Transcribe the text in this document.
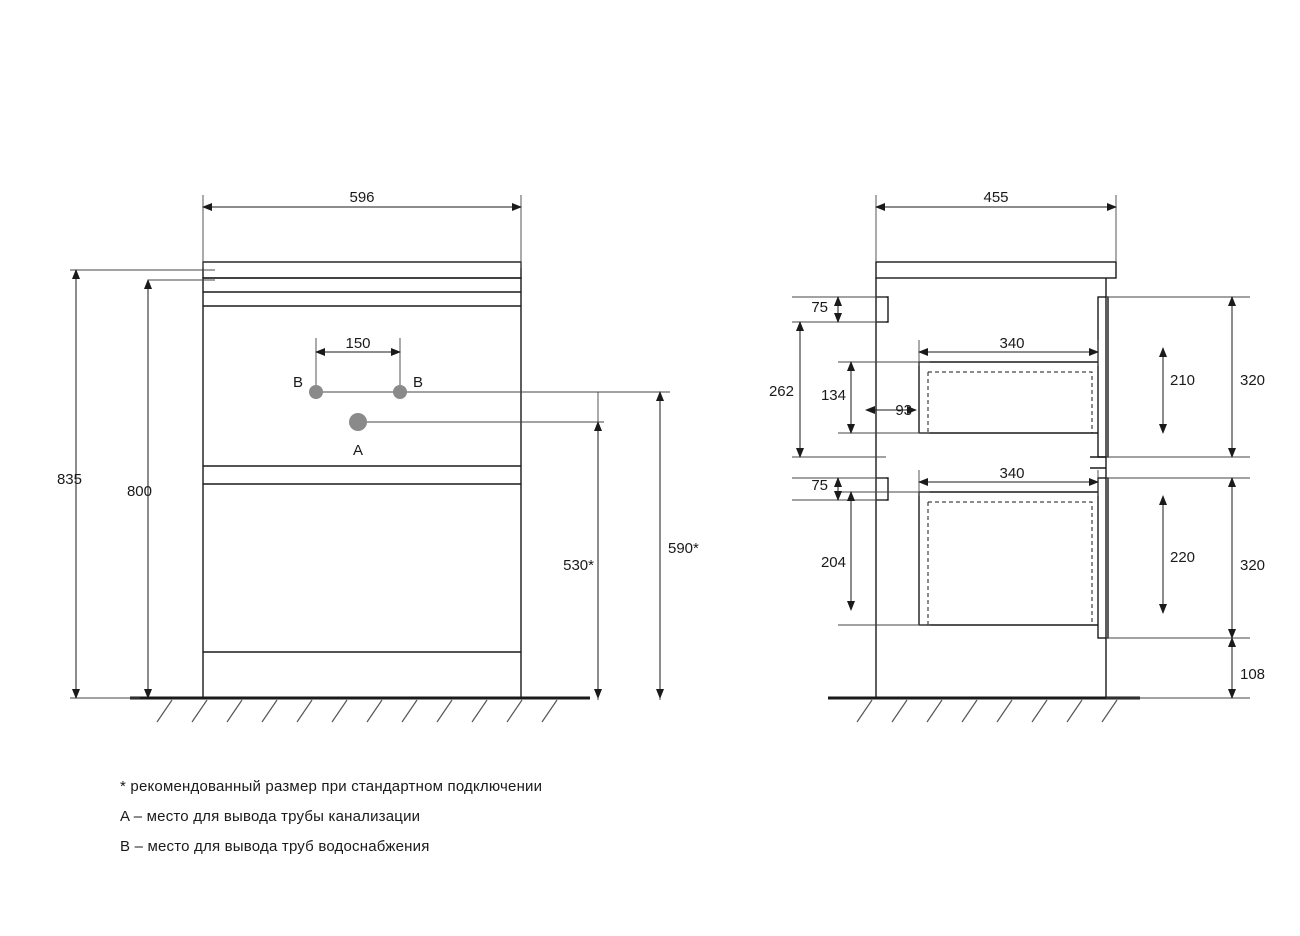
596
835
800
150
B	B
A
530*
590*
455
75
262 134
93
340
210	320
75
204
340
220	320
108
* рекомендованный размер при стандартном подключении
A – место для вывода трубы канализации
B – место для вывода труб водоснабжения
